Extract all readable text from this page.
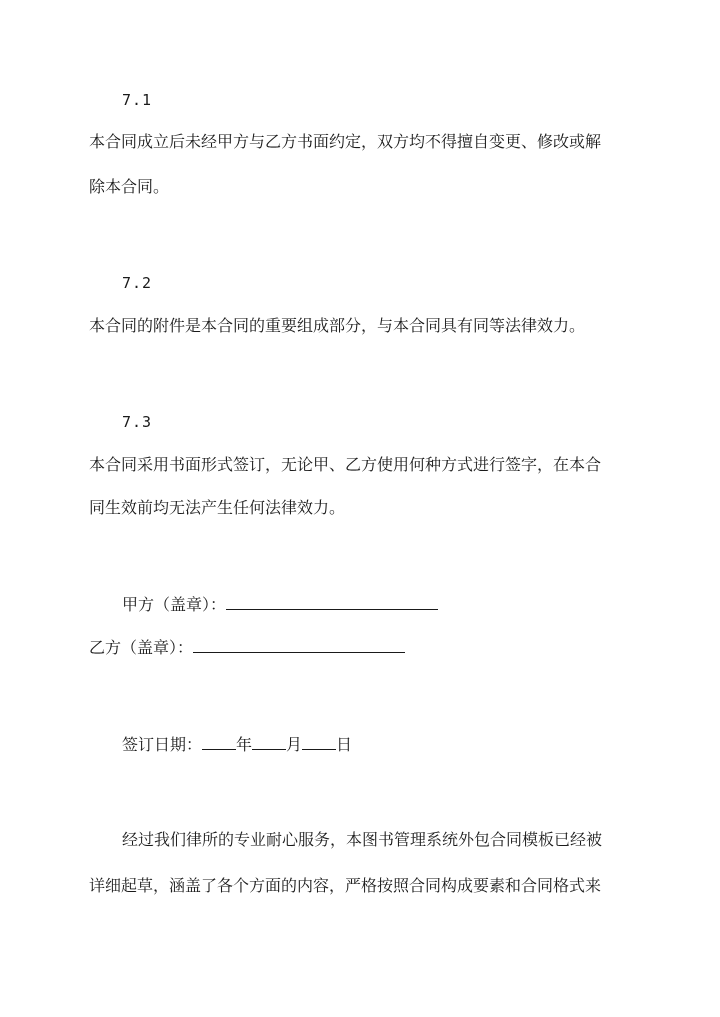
7.1
本合同成立后未经甲方与乙方书面约定，双方均不得擅自变更、修改或解
除本合同。
7.2
本合同的附件是本合同的重要组成部分，与本合同具有同等法律效力。
7.3
本合同采用书面形式签订，无论甲、乙方使用何种方式进行签字，在本合
同生效前均无法产生任何法律效力。
甲方（盖章）：
乙方（盖章）：
签订日期： 年 月 日
经过我们律所的专业耐心服务，本图书管理系统外包合同模板已经被
详细起草，涵盖了各个方面的内容，严格按照合同构成要素和合同格式来
